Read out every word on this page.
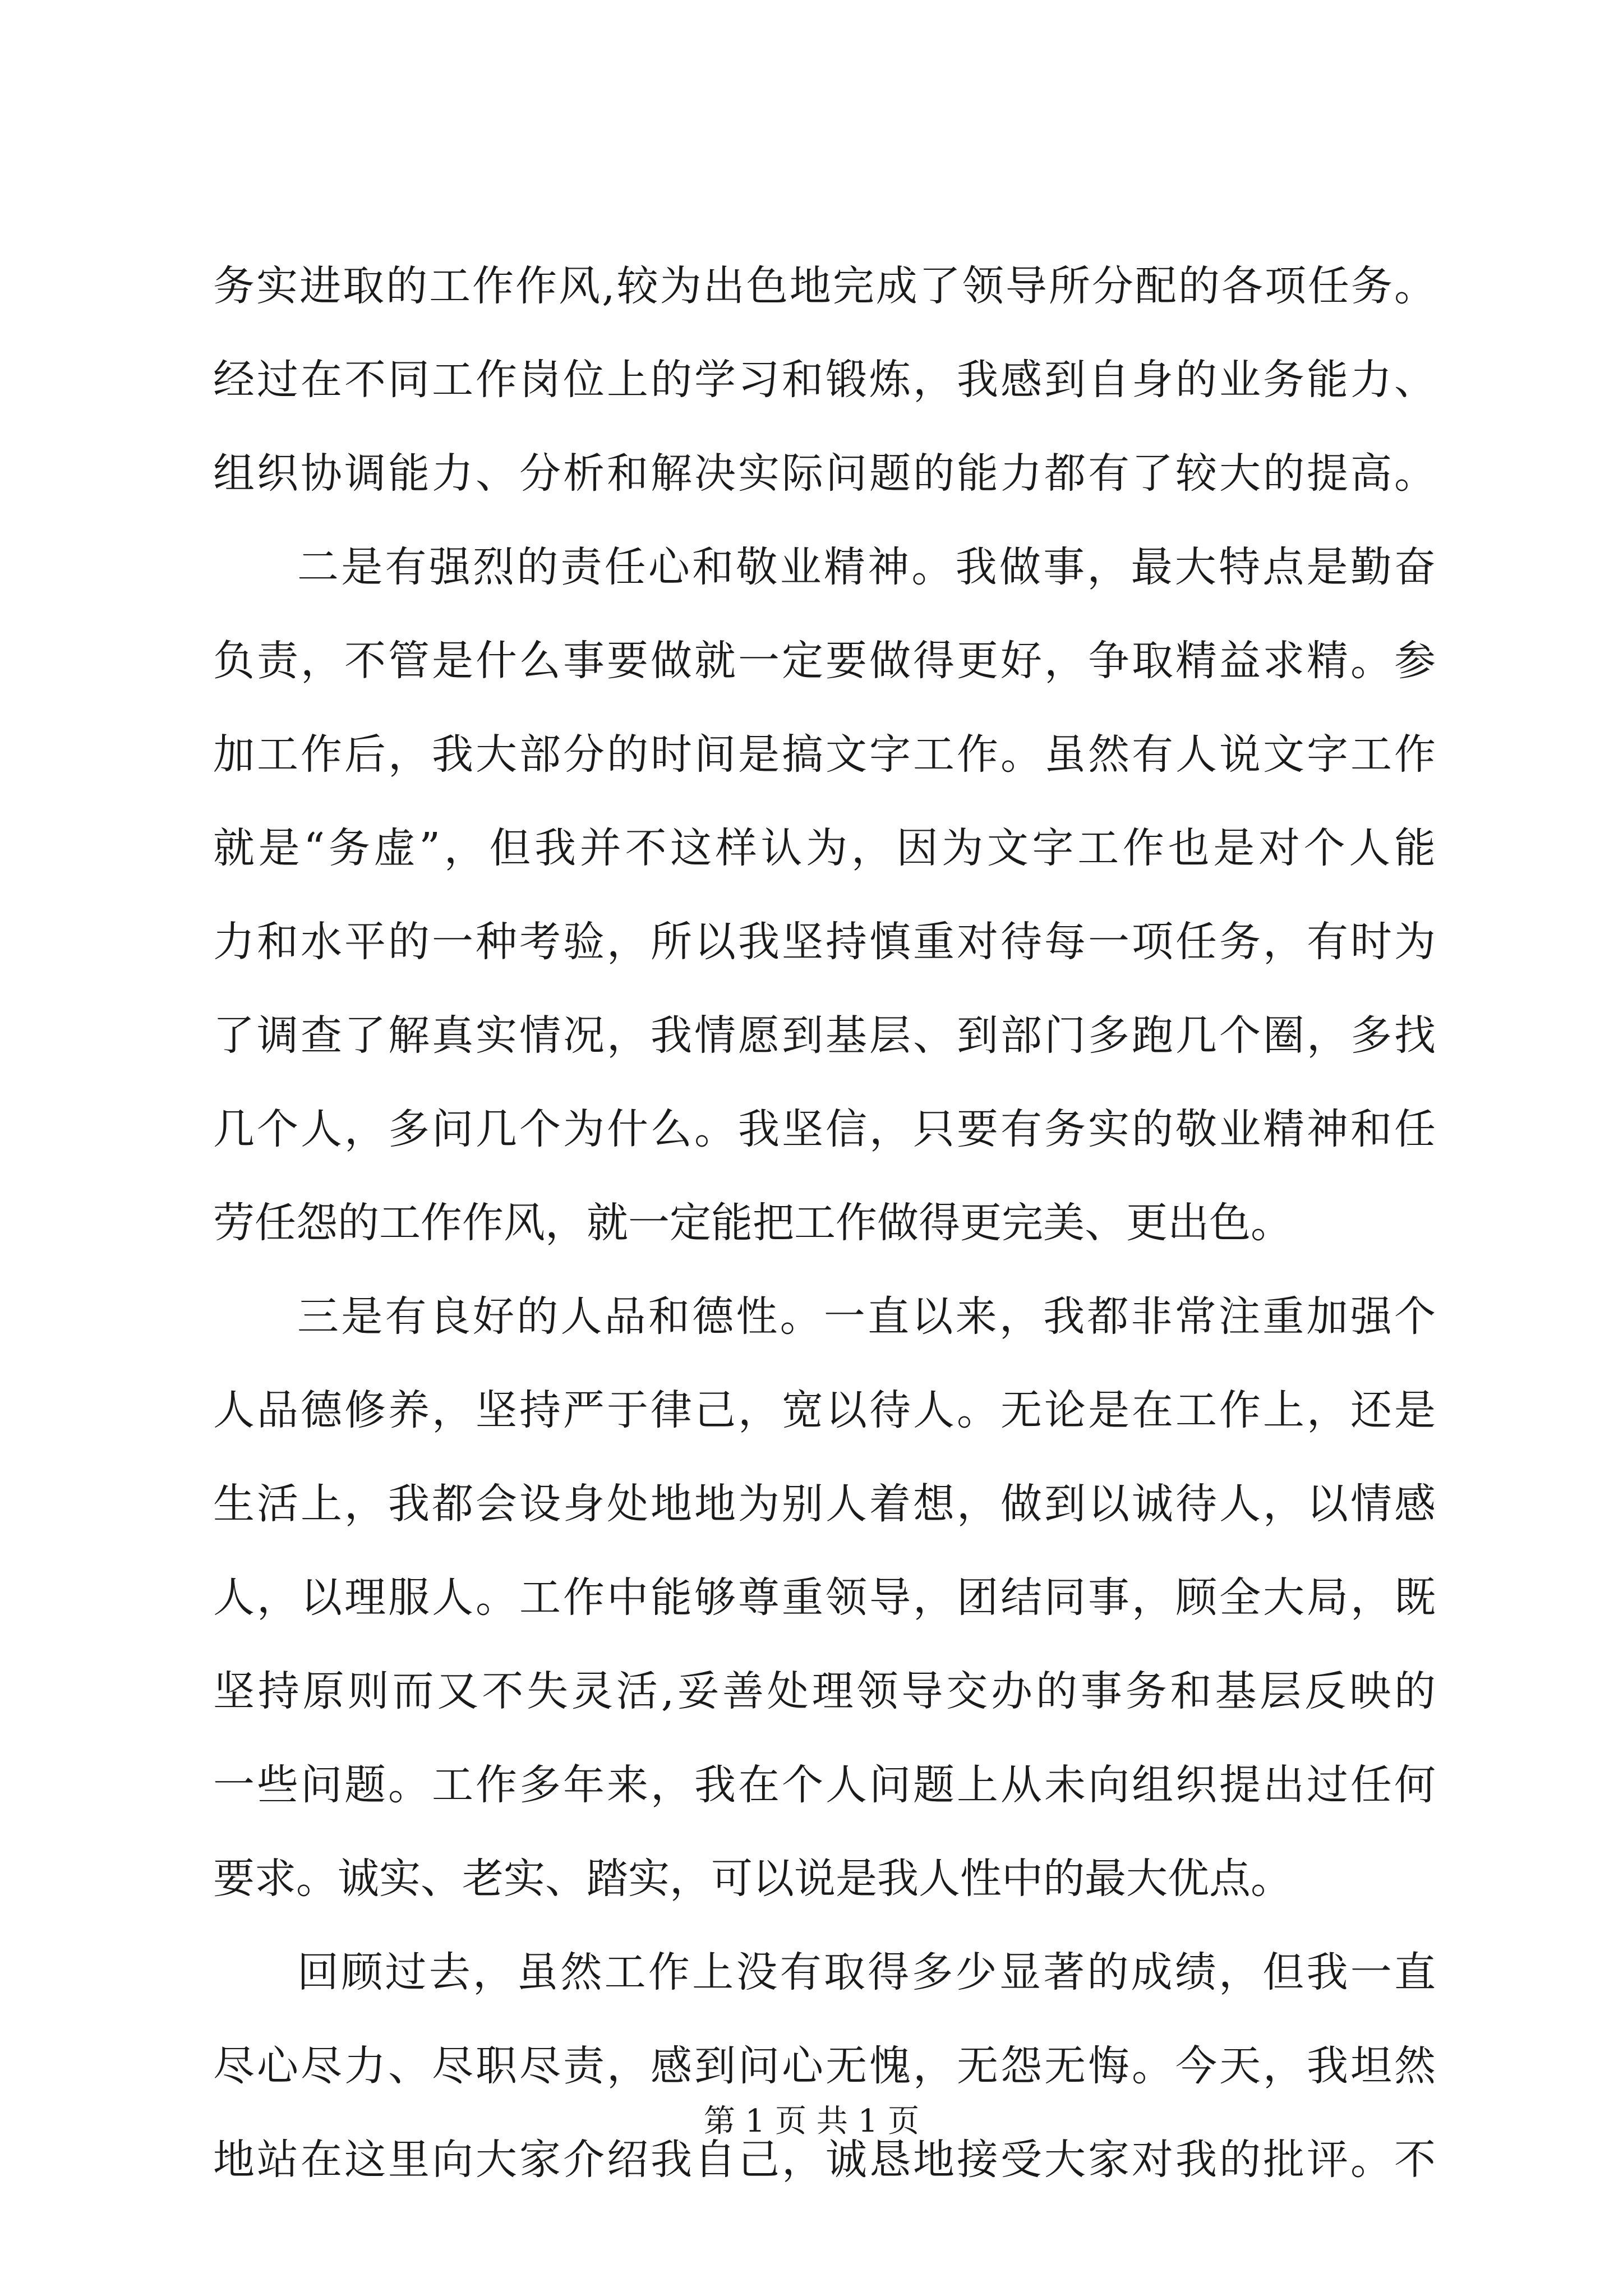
务实进取的工作作风,较为出色地完成了领导所分配的各项任务。
经过在不同工作岗位上的学习和锻炼，我感到自身的业务能力、
组织协调能力、分析和解决实际问题的能力都有了较大的提高。
二是有强烈的责任心和敬业精神。我做事，最大特点是勤奋
负责，不管是什么事要做就一定要做得更好，争取精益求精。参
加工作后，我大部分的时间是搞文字工作。虽然有人说文字工作
就是“务虚”，但我并不这样认为，因为文字工作也是对个人能
力和水平的一种考验，所以我坚持慎重对待每一项任务，有时为
了调查了解真实情况，我情愿到基层、到部门多跑几个圈，多找
几个人，多问几个为什么。我坚信，只要有务实的敬业精神和任
劳任怨的工作作风，就一定能把工作做得更完美、更出色。
三是有良好的人品和德性。一直以来，我都非常注重加强个
人品德修养，坚持严于律己，宽以待人。无论是在工作上，还是
生活上，我都会设身处地地为别人着想，做到以诚待人，以情感
人，以理服人。工作中能够尊重领导，团结同事，顾全大局，既
坚持原则而又不失灵活,妥善处理领导交办的事务和基层反映的
一些问题。工作多年来，我在个人问题上从未向组织提出过任何
要求。诚实、老实、踏实，可以说是我人性中的最大优点。
回顾过去，虽然工作上没有取得多少显著的成绩，但我一直
尽心尽力、尽职尽责，感到问心无愧，无怨无悔。今天，我坦然
地站在这里向大家介绍我自己，诚恳地接受大家对我的批评。不
第 1 页 共 1 页
